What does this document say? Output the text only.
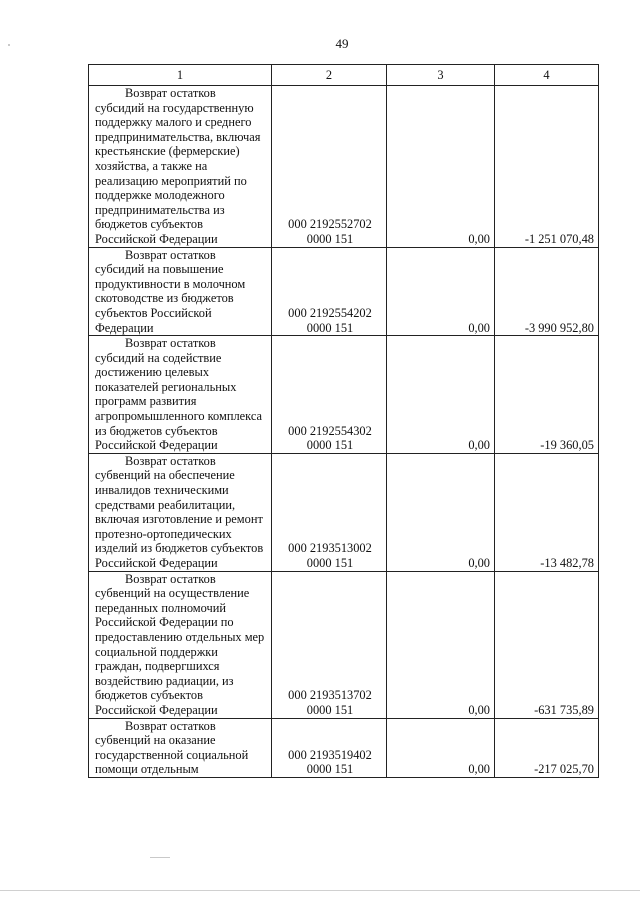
49
1	2	3	4
Возврат остатков субсидий на государственную поддержку малого и среднего предпринимательства, включая крестьянские (фермерские) хозяйства, а также на реализацию мероприятий по поддержке молодежного предпринимательства из бюджетов субъектов Российской Федерации	000 2192552702
0000 151	0,00	-1 251 070,48
Возврат остатков субсидий на повышение продуктивности в молочном скотоводстве из бюджетов субъектов Российской Федерации	000 2192554202
0000 151	0,00	-3 990 952,80
Возврат остатков субсидий на содействие достижению целевых показателей региональных программ развития агропромышленного комплекса из бюджетов субъектов Российской Федерации	000 2192554302
0000 151	0,00	-19 360,05
Возврат остатков субвенций на обеспечение инвалидов техническими средствами реабилитации, включая изготовление и ремонт протезно-ортопедических изделий из бюджетов субъектов Российской Федерации	000 2193513002
0000 151	0,00	-13 482,78
Возврат остатков субвенций на осуществление переданных полномочий Российской Федерации по предоставлению отдельных мер социальной поддержки граждан, подвергшихся воздействию радиации, из бюджетов субъектов Российской Федерации	000 2193513702
0000 151	0,00	-631 735,89
Возврат остатков субвенций на оказание государственной социальной помощи отдельным	000 2193519402
0000 151	0,00	-217 025,70
